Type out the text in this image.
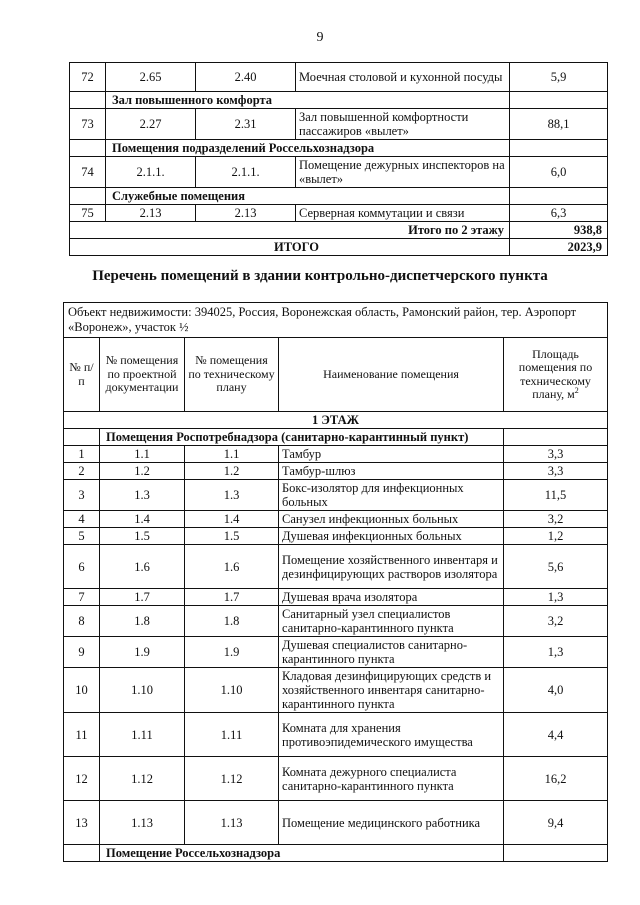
9
72	2.65	2.40	Моечная столовой и кухонной посуды	5,9
	Зал повышенного комфорта			
73	2.27	2.31	Зал повышенной комфортности пассажиров «вылет»	88,1
	Помещения подразделений Россельхознадзора			
74	2.1.1.	2.1.1.	Помещение дежурных инспекторов на «вылет»	6,0
	Служебные помещения			
75	2.13	2.13	Серверная коммутации и связи	6,3
Итого по 2 этажу				938,8
ИТОГО				2023,9
Перечень помещений в здании контрольно-диспетчерского пункта
Объект недвижимости: 394025, Россия, Воронежская область, Рамонский район, тер. Аэропорт «Воронеж», участок ½				
№ п/п	№ помещения по проектной документации	№ помещения по техническому плану	Наименование помещения	Площадь помещения по техническому плану, $м^2$
1 ЭТАЖ				
	Помещения Роспотребнадзора (санитарно-карантинный пункт)			
1	1.1	1.1	Тамбур	3,3
2	1.2	1.2	Тамбур-шлюз	3,3
3	1.3	1.3	Бокс-изолятор для инфекционных больных	11,5
4	1.4	1.4	Санузел инфекционных больных	3,2
5	1.5	1.5	Душевая инфекционных больных	1,2
6	1.6	1.6	Помещение хозяйственного инвентаря и дезинфицирующих растворов изолятора	5,6
7	1.7	1.7	Душевая врача изолятора	1,3
8	1.8	1.8	Санитарный узел специалистов санитарно-карантинного пункта	3,2
9	1.9	1.9	Душевая специалистов санитарно-карантинного пункта	1,3
10	1.10	1.10	Кладовая дезинфицирующих средств и хозяйственного инвентаря санитарно-карантинного пункта	4,0
11	1.11	1.11	Комната для хранения противоэпидемического имущества	4,4
12	1.12	1.12	Комната дежурного специалиста санитарно-карантинного пункта	16,2
13	1.13	1.13	Помещение медицинского работника	9,4
	Помещение Россельхознадзора			
